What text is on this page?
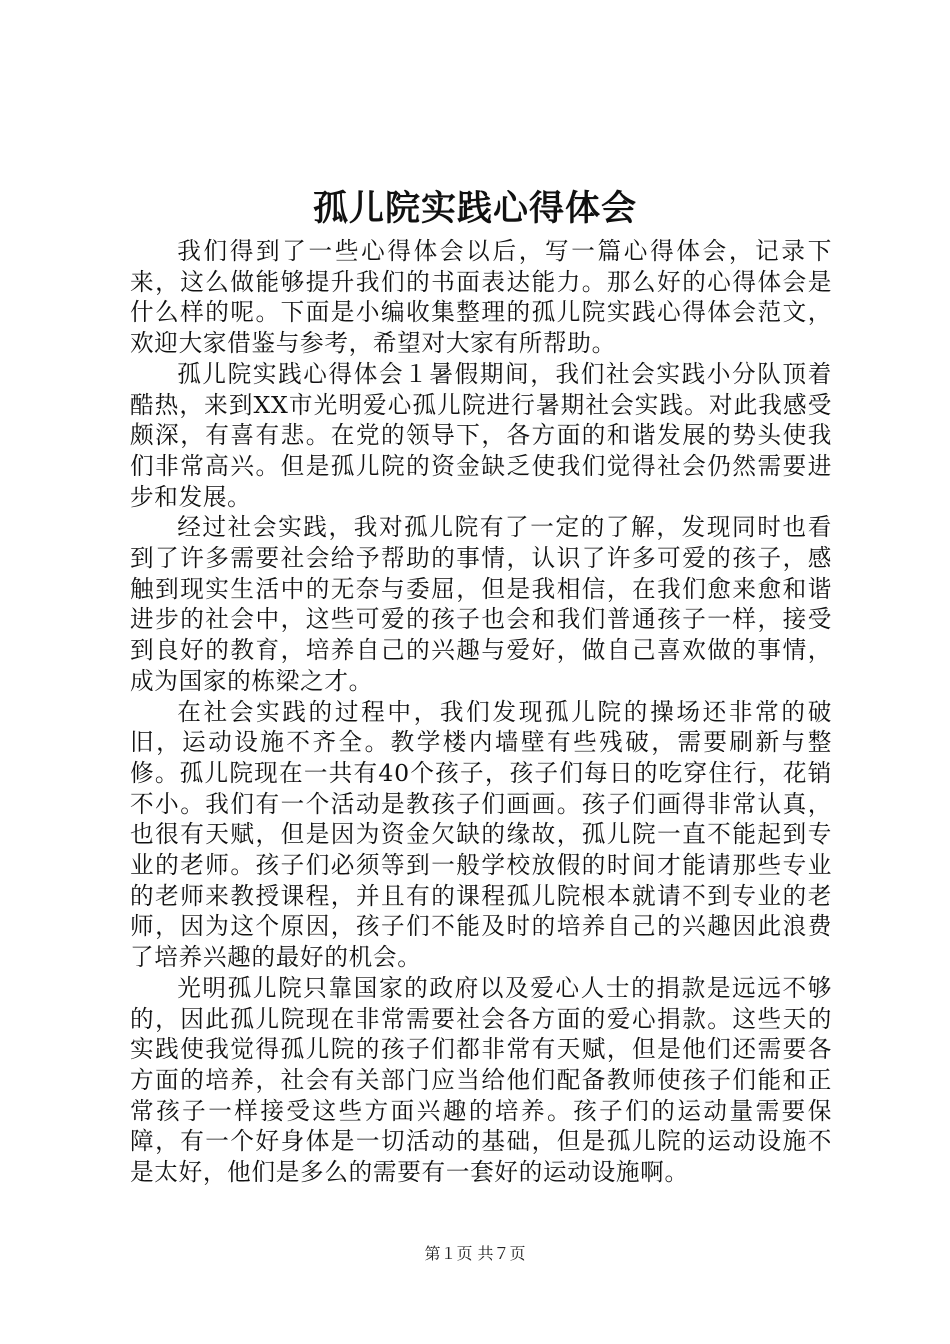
孤儿院实践心得体会

我们得到了一些心得体会以后，写一篇心得体会，记录下来，这么做能够提升我们的书面表达能力。那么好的心得体会是什么样的呢。下面是小编收集整理的孤儿院实践心得体会范文，欢迎大家借鉴与参考，希望对大家有所帮助。

孤儿院实践心得体会１暑假期间，我们社会实践小分队顶着酷热，来到XX市光明爱心孤儿院进行暑期社会实践。对此我感受颇深，有喜有悲。在党的领导下，各方面的和谐发展的势头使我们非常高兴。但是孤儿院的资金缺乏使我们觉得社会仍然需要进步和发展。

经过社会实践，我对孤儿院有了一定的了解，发现同时也看到了许多需要社会给予帮助的事情，认识了许多可爱的孩子，感触到现实生活中的无奈与委屈，但是我相信，在我们愈来愈和谐进步的社会中，这些可爱的孩子也会和我们普通孩子一样，接受到良好的教育，培养自己的兴趣与爱好，做自己喜欢做的事情，成为国家的栋梁之才。

在社会实践的过程中，我们发现孤儿院的操场还非常的破旧，运动设施不齐全。教学楼内墙壁有些残破，需要刷新与整修。孤儿院现在一共有40个孩子，孩子们每日的吃穿住行，花销不小。我们有一个活动是教孩子们画画。孩子们画得非常认真，也很有天赋，但是因为资金欠缺的缘故，孤儿院一直不能起到专业的老师。孩子们必须等到一般学校放假的时间才能请那些专业的老师来教授课程，并且有的课程孤儿院根本就请不到专业的老师，因为这个原因，孩子们不能及时的培养自己的兴趣因此浪费了培养兴趣的最好的机会。

光明孤儿院只靠国家的政府以及爱心人士的捐款是远远不够的，因此孤儿院现在非常需要社会各方面的爱心捐款。这些天的实践使我觉得孤儿院的孩子们都非常有天赋，但是他们还需要各方面的培养，社会有关部门应当给他们配备教师使孩子们能和正常孩子一样接受这些方面兴趣的培养。孩子们的运动量需要保障，有一个好身体是一切活动的基础，但是孤儿院的运动设施不是太好，他们是多么的需要有一套好的运动设施啊。

第１页 共７页
